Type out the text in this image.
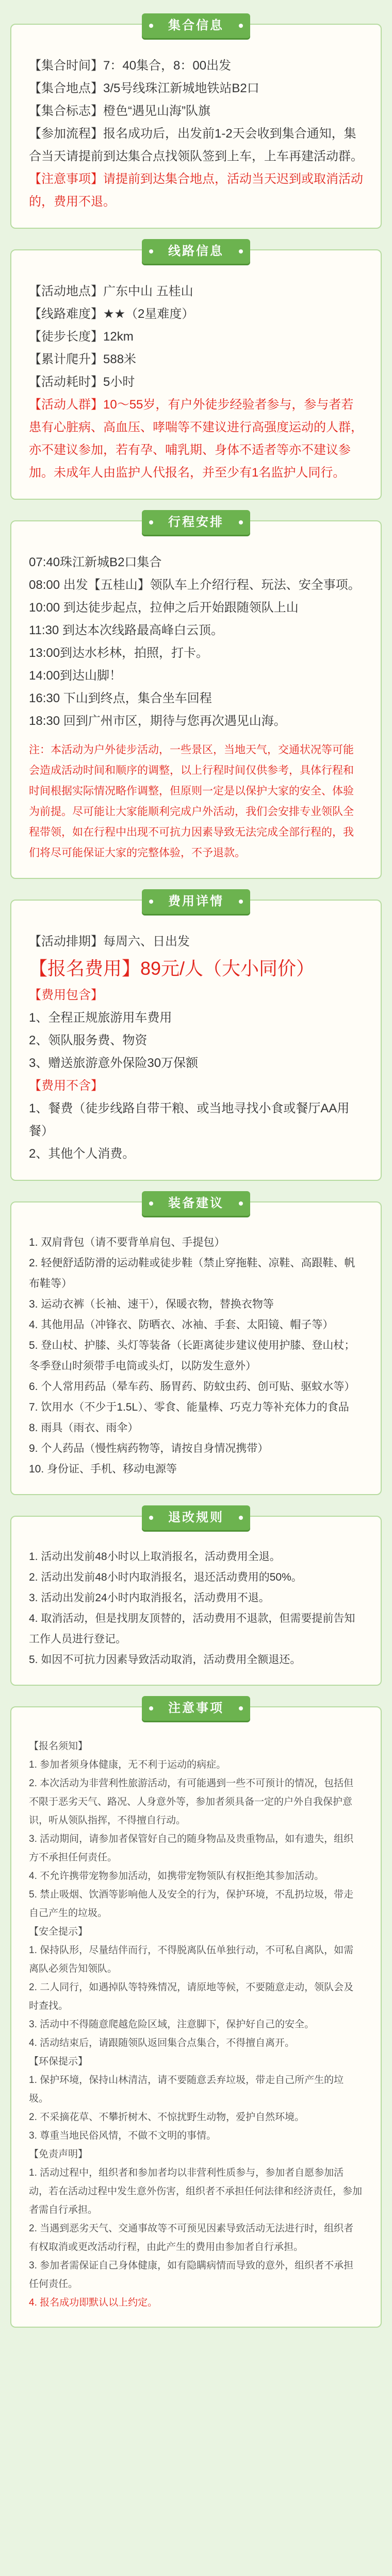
集合信息
【集合时间】7：40集合，8：00出发
【集合地点】3/5号线珠江新城地铁站B2口
【集合标志】橙色“遇见山海”队旗
【参加流程】报名成功后，出发前1-2天会收到集合通知，集合当天请提前到达集合点找领队签到上车，上车再建活动群。
【注意事项】请提前到达集合地点，活动当天迟到或取消活动的，费用不退。
线路信息
【活动地点】广东中山 五桂山
【线路难度】★★（2星难度）
【徒步长度】12km
【累计爬升】588米
【活动耗时】5小时
【活动人群】10～55岁，有户外徒步经验者参与，参与者若患有心脏病、高血压、哮喘等不建议进行高强度运动的人群，亦不建议参加，若有孕、哺乳期、身体不适者等亦不建议参加。未成年人由监护人代报名，并至少有1名监护人同行。
行程安排
07:40珠江新城B2口集合
08:00 出发【五桂山】领队车上介绍行程、玩法、安全事项。
10:00 到达徒步起点，拉伸之后开始跟随领队上山
11:30 到达本次线路最高峰白云顶。
13:00到达水杉林，拍照，打卡。
14:00到达山脚！
16:30 下山到终点，集合坐车回程
18:30 回到广州市区，期待与您再次遇见山海。
注：本活动为户外徒步活动，一些景区，当地天气，交通状况等可能会造成活动时间和顺序的调整，以上行程时间仅供参考，具体行程和时间根据实际情况略作调整，但原则一定是以保护大家的安全、体验为前提。尽可能让大家能顺利完成户外活动，我们会安排专业领队全程带领，如在行程中出现不可抗力因素导致无法完成全部行程的，我们将尽可能保证大家的完整体验，不予退款。
费用详情
【活动排期】每周六、日出发
【报名费用】89元/人（大小同价）
【费用包含】
1、全程正规旅游用车费用
2、领队服务费、物资
3、赠送旅游意外保险30万保额
【费用不含】
1、餐费（徒步线路自带干粮、或当地寻找小食或餐厅AA用餐）
2、其他个人消费。
装备建议
1. 双肩背包（请不要背单肩包、手提包）
2. 轻便舒适防滑的运动鞋或徒步鞋（禁止穿拖鞋、凉鞋、高跟鞋、帆布鞋等）
3. 运动衣裤（长袖、速干），保暖衣物，替换衣物等
4. 其他用品（冲锋衣、防晒衣、冰袖、手套、太阳镜、帽子等）
5. 登山杖、护膝、头灯等装备（长距离徒步建议使用护膝、登山杖；冬季登山时须带手电筒或头灯，以防发生意外）
6. 个人常用药品（晕车药、肠胃药、防蚊虫药、创可贴、驱蚊水等）
7. 饮用水（不少于1.5L）、零食、能量棒、巧克力等补充体力的食品
8. 雨具（雨衣、雨伞）
9. 个人药品（慢性病药物等，请按自身情况携带）
10. 身份证、手机、移动电源等
退改规则
1. 活动出发前48小时以上取消报名，活动费用全退。
2. 活动出发前48小时内取消报名，退还活动费用的50%。
3. 活动出发前24小时内取消报名，活动费用不退。
4. 取消活动，但是找朋友顶替的，活动费用不退款，但需要提前告知工作人员进行登记。
5. 如因不可抗力因素导致活动取消，活动费用全额退还。
注意事项
【报名须知】
1. 参加者须身体健康，无不利于运动的病症。
2. 本次活动为非营利性旅游活动，有可能遇到一些不可预计的情况，包括但不限于恶劣天气、路况、人身意外等，参加者须具备一定的户外自我保护意识，听从领队指挥，不得擅自行动。
3. 活动期间，请参加者保管好自己的随身物品及贵重物品，如有遗失，组织方不承担任何责任。
4. 不允许携带宠物参加活动，如携带宠物领队有权拒绝其参加活动。
5. 禁止吸烟、饮酒等影响他人及安全的行为，保护环境，不乱扔垃圾，带走自己产生的垃圾。
【安全提示】
1. 保持队形，尽量结伴而行，不得脱离队伍单独行动，不可私自离队，如需离队必须告知领队。
2. 二人同行，如遇掉队等特殊情况，请原地等候，不要随意走动，领队会及时查找。
3. 活动中不得随意爬越危险区域，注意脚下，保护好自己的安全。
4. 活动结束后，请跟随领队返回集合点集合，不得擅自离开。
【环保提示】
1. 保护环境，保持山林清洁，请不要随意丢弃垃圾，带走自己所产生的垃圾。
2. 不采摘花草、不攀折树木、不惊扰野生动物，爱护自然环境。
3. 尊重当地民俗风情，不做不文明的事情。
【免责声明】
1. 活动过程中，组织者和参加者均以非营利性质参与，参加者自愿参加活动，若在活动过程中发生意外伤害，组织者不承担任何法律和经济责任，参加者需自行承担。
2. 当遇到恶劣天气、交通事故等不可预见因素导致活动无法进行时，组织者有权取消或更改活动行程，由此产生的费用由参加者自行承担。
3. 参加者需保证自己身体健康，如有隐瞒病情而导致的意外，组织者不承担任何责任。
4. 报名成功即默认以上约定。
